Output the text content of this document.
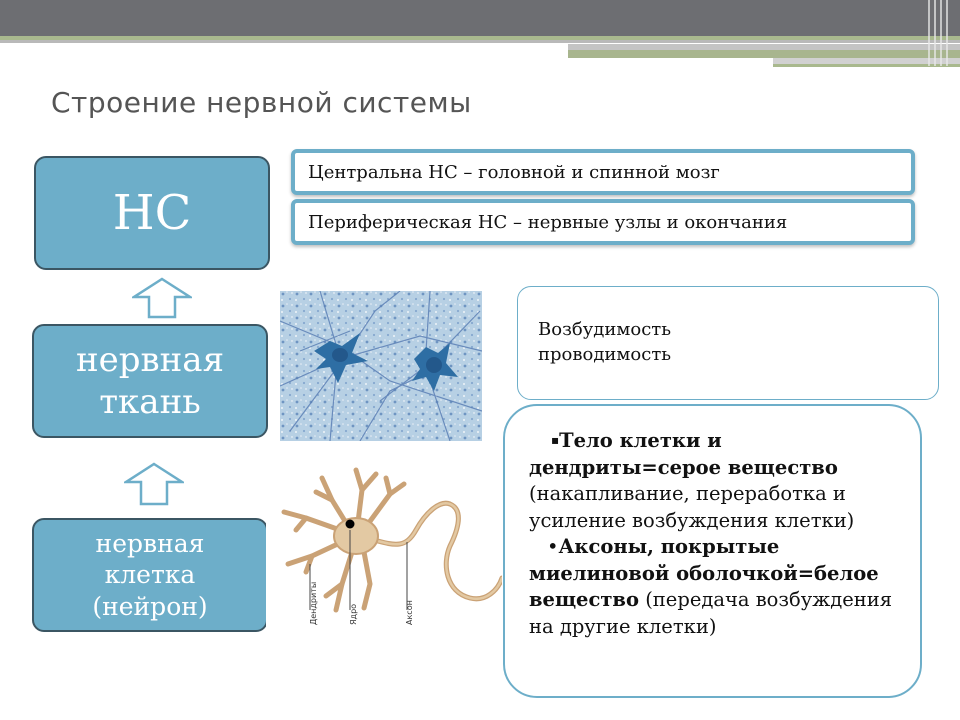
Строение нервной системы
НС
нервная
ткань
нервная
клетка
(нейрон)
Центральна НС – головной и спинной мозг
Периферическая НС – нервные узлы и окончания
Дендриты	Ядро	Аксон
Возбудимость
проводимость
▪Тело клетки и дендриты=серое вещество (накапливание, переработка и усиление возбуждения клетки)
•Аксоны, покрытые миелиновой оболочкой=белое вещество (передача возбуждения на другие клетки)
